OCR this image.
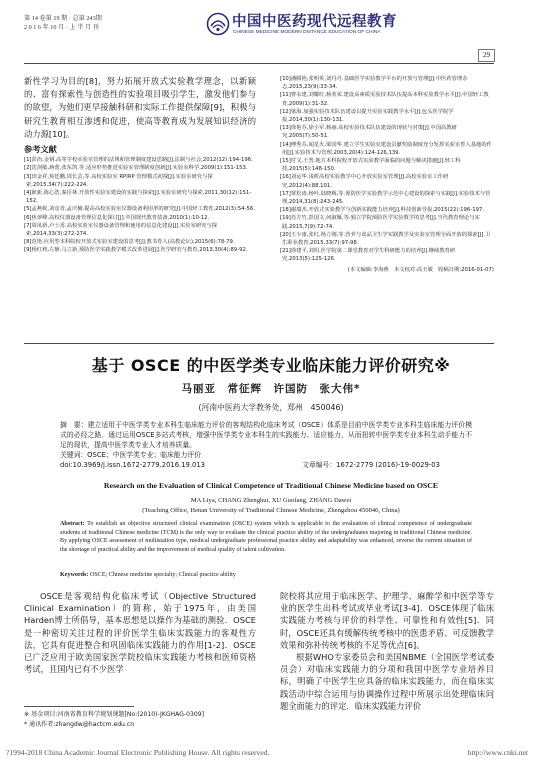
第 14 卷第 19 期 · 总第 243期
2 0 1 6 年 10 月 · 上 半 月 刊	中国中医药现代远程教育
CHINESE MEDICINE MODERN DISTANCE EDUCATION OF CHINA
29

新性学习为目的[8]，努力拓展开放式实验教学理念，以新颖的、富有探索性与创造性的实验项目吸引学生，激发他们参与的欲望，为他们更早接触科研和实际工作提供保障[9]，积极与研究生教育相互渗透和促进，使高等教育成为发展知识经济的动力源[10]。

参考文献
[1]彭冶,金钢.高等学校实验室管理的法规和管理制度建设思路[J].法制与社会,2012(12):194-196.
[2]沈剑敏,蒋蕾,张东凯.等.适应形势推进实验室管理制度创新[J].实验室科学,2009(1):151-153.
[3]田金祥,焦廷鹏,周长芸,等.高校实验室 RPIRP 管理模式初探[J].实验室研究与探索,2015,34(7):222-224.
[4]耿新,陈心浩,秦臣林.开放性实验室建设的实践与探索[J].实验室研究与探索,2011,30(12):151-152.
[5]孟燕妮,刘彦青,孟庆楠.提高高校实验室仪器设备利用率的研究[J].中国轻工教育,2012(3):54-56.
[6]焦翠峰.高校仪器设备管理信息化探讨[J].中国现代教育装备,2010(1):10-12.
[7]周凤新,卢士香.高校实验室仪器设备管理和使用的信息化建设[J].实验室研究与探索,2014,33(3):272-274.
[8]范艳.应用型本科院校开放式实验室建设的思考[J].教书育人(高教论坛),2015(6):78-79.
[9]杨红莉,左静,马立新.预防医学实践教学模式改革进展[J].医学研究与教育,2013,30(4):89-92.
[10]潘腾艳,张明英,刘丹丹.基础医学实验教学平台的开放与管理[J].中医药管理杂志,2015,23(9):33-34.
[11]曹永建,刘耀红,杨英荣.建设高素质实验技术队伍提高本科实验教学水平[J].中国轻工教育,2009(1):31-32.
[12]梁海.加强实验技术队伍建设以提升实验实践教学水平[J].包头医学院学报,2014,30(1):130-131.
[13]徐艳芬,徐小军,杨丽.高校实验技术队伍建设的现状与对策[J].中国高教研究,2005(7):50-51.
[14]傅秀芬,闻星火,梁国华.建立学生实验室建设贡献奖励制度充分发挥实验室育人基地的作用[J].实验技术与管理,2003,20(4):124-126,139.
[15]付文,王普.地方本科院校开放式实验教学面临的问题与解决措施[J].轻工科技,2015(5):148-150.
[16]刘运华.浅析高校实验教学中心开放实验室管理[J].高校实验室工作研究,2012(4):88,101.
[17]覃松涛,杨叶,陆晓梅,等.预防医学实验教学示范中心建设的探索与实践[J].实验技术与管理,2014,31(8):243-245.
[18]谢瑞杰.开放式实验教学与创新实践能力培养[J].科技创新导报,2015(22):196-197.
[19]肖方竹,彭国文,何淑雁,等.独立学院预防医学实验教学的思考[J].当代教育理论与实践,2015,7(9):72-74.
[20]王少康,张红,杨立刚,等.营养与食品卫生学实践教学及实验室管理全面开放的探索[J].卫生职业教育,2015,33(7):97-98.
[21]徐建平,刘玥.医学院第二课堂教育对学生科研能力的培养[J].继续教育研究,2013(5):125-126.
(本文编辑:李海燕　本文校对:高玉敏　收稿日期:2016-01-07)
基于 OSCE 的中医学类专业临床能力评价研究※
马丽亚　常征辉　许国防　张大伟*
(河南中医药大学教务处，郑州　450046)

摘　要：建立适用于中医学类专业本科生临床能力评价的客观结构化临床考试（OSCE）体系是目前中医学类专业本科生临床能力评价模式的必经之路．通过运用OSCE多站式考核，增强中医学类专业本科生的实践能力、适应能力，从而扭转中医学类专业本科生动手能力不足的现状，提高中医学类专业人才培养质量。

关键词：OSCE；中医学类专业；临床能力评价
doi:10.3969/j.issn.1672-2779.2016.19.013	文章编号：1672-2779 (2016)-19-0029-03
Research on the Evaluation of Clinical Competence of Traditional Chinese Medicine based on OSCE
MA Liya, CHANG Zhenghui, XU Guofang, ZHANG Dawei
(Teaching Office, Henan University of Traditional Chinese Medicine, Zhengzhou 450046, China)
Abstract: To establish an objective structured clinical examination (OSCE) system which is applicable to the evaluation of clinical competence of undergraduate students of traditional Chinese medicine (TCM) is the only way to evaluate the clinical practice ability of the undergraduates majoring in traditional Chinese medicine. By applying OSCE assessment of multistation type, medical undergraduate professional practice ability and adaptability was enhanced, reverse the current situation of the shortage of practical ability and the improvement of medical quality of talent cultivation.
Keywords: OSCE; Chinese medicine specialty; Clinical practice ability

OSCE是客观结构化临床考试（Objective Structured Clinical Examination）的简称，始于1975年，由美国Harden博士所倡导，基本思想是以操作为基础的测验．OSCE是一种密切关注过程的评价医学生临床实践能力的客观性方法，它具有促进整合和巩固临床实践能力的作用[1-2]．OSCE已广泛应用于欧美国家医学院校临床实践能力考核和医师资格考试，且国内已有不少医学

院校将其应用于临床医学、护理学、麻醉学和中医学等专业的医学生出科考试或毕业考试[3-4]．OSCE体现了临床实践能力考核与评价的科学性、可靠性和有效性[5]．同时，OSCE还具有缓解传统考核中的医患矛盾、可反馈教学效果和弥补传统考核的不足等优点[6]。

根据WHO专家委员会和美国NBME（全国医学考试委员会）对临床实践能力的分项和我国中医学专业培养目标，明确了中医学生应具备的临床实践能力，而在临床实践活动中综合运用与协调操作过程中所展示出处理临床问题全面能力的评定．临床实践能力评价

※ 基金项目:河南省教育科学规划课题[No:(2010)-JKGHAG-0309]
* 通讯作者:zhangdw@hactcm.edu.cn
?1994-2018 China Academic Journal Electronic Publishing House. All rights reserved.	http://www.cnki.net
